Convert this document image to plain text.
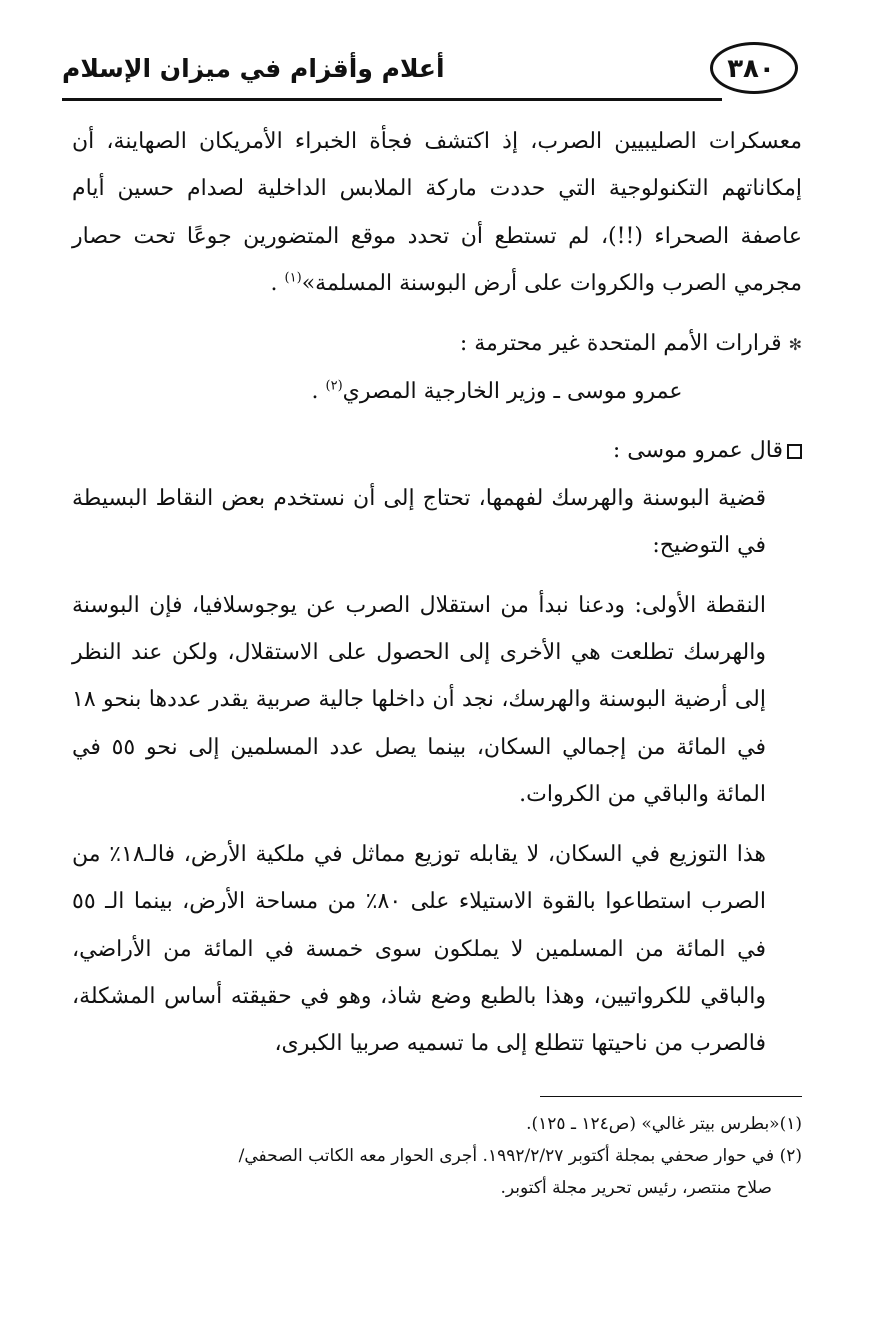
أعلام وأقزام في ميزان الإسلام	٣٨٠

معسكرات الصليبيين الصرب، إذ اكتشف فجأة الخبراء الأمريكان الصهاينة، أن إمكاناتهم التكنولوجية التي حددت ماركة الملابس الداخلية لصدام حسين أيام عاصفة الصحراء (!!)، لم تستطع أن تحدد موقع المتضورين جوعًا تحت حصار مجرمي الصرب والكروات على أرض البوسنة المسلمة»$^{(١)}$ .

✻ قرارات الأمم المتحدة غير محترمة :

عمرو موسى ـ وزير الخارجية المصري$^{(٢)}$ .

قال عمرو موسى :

قضية البوسنة والهرسك لفهمها، تحتاج إلى أن نستخدم بعض النقاط البسيطة في التوضيح:

النقطة الأولى: ودعنا نبدأ من استقلال الصرب عن يوجوسلافيا، فإن البوسنة والهرسك تطلعت هي الأخرى إلى الحصول على الاستقلال، ولكن عند النظر إلى أرضية البوسنة والهرسك، نجد أن داخلها جالية صربية يقدر عددها بنحو ١٨ في المائة من إجمالي السكان، بينما يصل عدد المسلمين إلى نحو ٥٥ في المائة والباقي من الكروات.

هذا التوزيع في السكان، لا يقابله توزيع مماثل في ملكية الأرض، فالـ١٨٪ من الصرب استطاعوا بالقوة الاستيلاء على ٨٠٪ من مساحة الأرض، بينما الـ ٥٥ في المائة من المسلمين لا يملكون سوى خمسة في المائة من الأراضي، والباقي للكرواتيين، وهذا بالطبع وضع شاذ، وهو في حقيقته أساس المشكلة، فالصرب من ناحيتها تتطلع إلى ما تسميه صربيا الكبرى،

(١)«بطرس بيتر غالي» (ص١٢٤ ـ ١٢٥).

(٢) في حوار صحفي بمجلة أكتوبر ١٩٩٢/٢/٢٧. أجرى الحوار معه الكاتب الصحفي/

صلاح منتصر، رئيس تحرير مجلة أكتوبر.
